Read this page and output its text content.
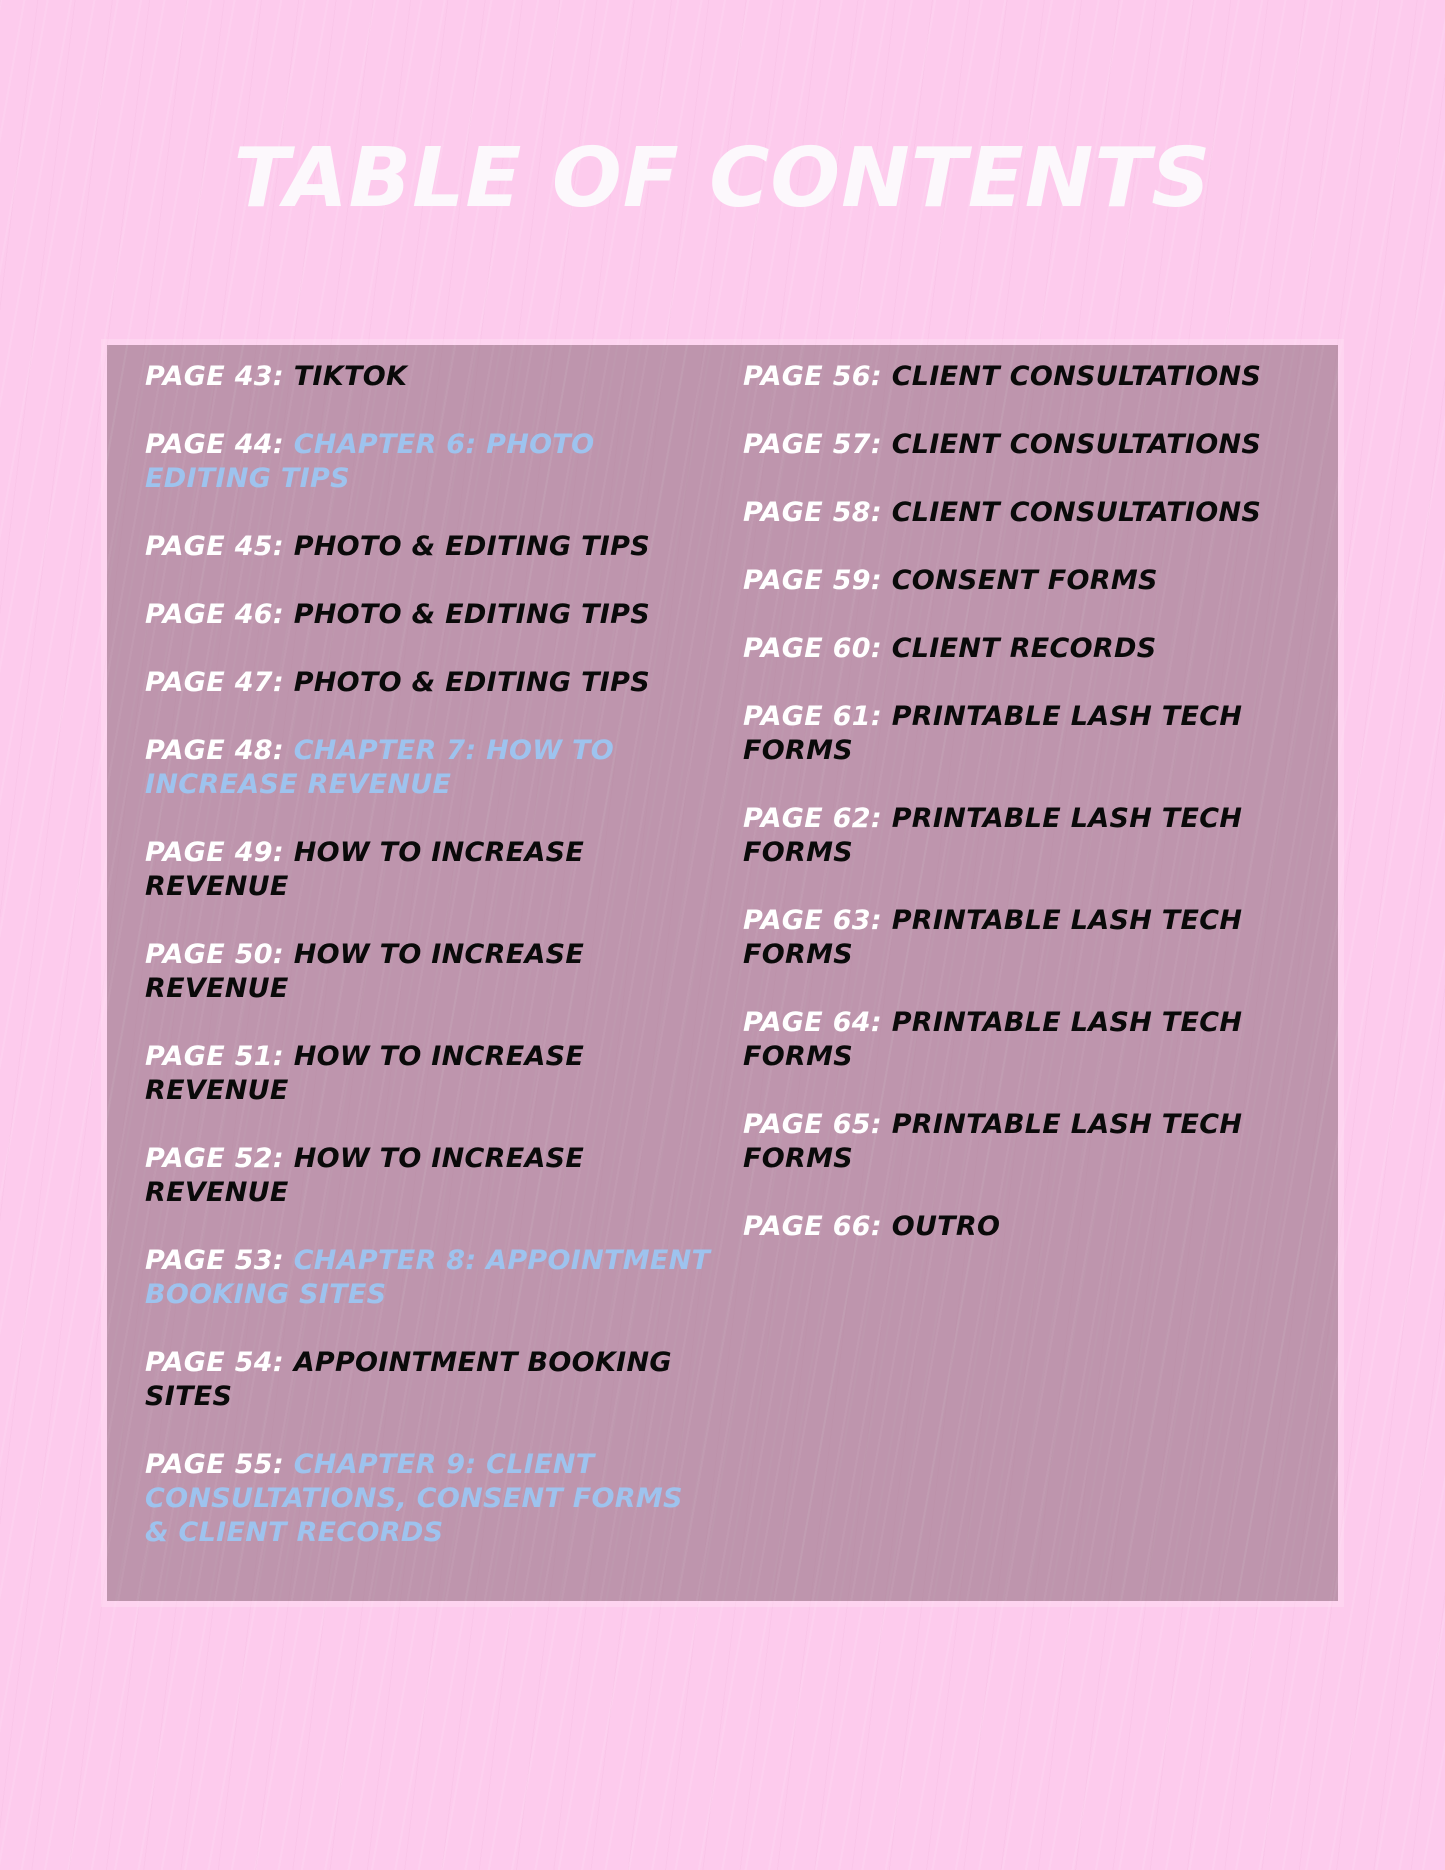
TABLE OF CONTENTS

PAGE 43: TIKTOK

PAGE 44: CHAPTER 6: PHOTO EDITING TIPS

PAGE 45: PHOTO & EDITING TIPS

PAGE 46: PHOTO & EDITING TIPS

PAGE 47: PHOTO & EDITING TIPS

PAGE 48: CHAPTER 7: HOW TO INCREASE REVENUE

PAGE 49: HOW TO INCREASE REVENUE

PAGE 50: HOW TO INCREASE REVENUE

PAGE 51: HOW TO INCREASE REVENUE

PAGE 52: HOW TO INCREASE REVENUE

PAGE 53: CHAPTER 8: APPOINTMENT BOOKING SITES

PAGE 54: APPOINTMENT BOOKING SITES

PAGE 55: CHAPTER 9: CLIENT CONSULTATIONS, CONSENT FORMS & CLIENT RECORDS

PAGE 56: CLIENT CONSULTATIONS

PAGE 57: CLIENT CONSULTATIONS

PAGE 58: CLIENT CONSULTATIONS

PAGE 59: CONSENT FORMS

PAGE 60: CLIENT RECORDS

PAGE 61: PRINTABLE LASH TECH FORMS

PAGE 62: PRINTABLE LASH TECH FORMS

PAGE 63: PRINTABLE LASH TECH FORMS

PAGE 64: PRINTABLE LASH TECH FORMS

PAGE 65: PRINTABLE LASH TECH FORMS

PAGE 66: OUTRO
